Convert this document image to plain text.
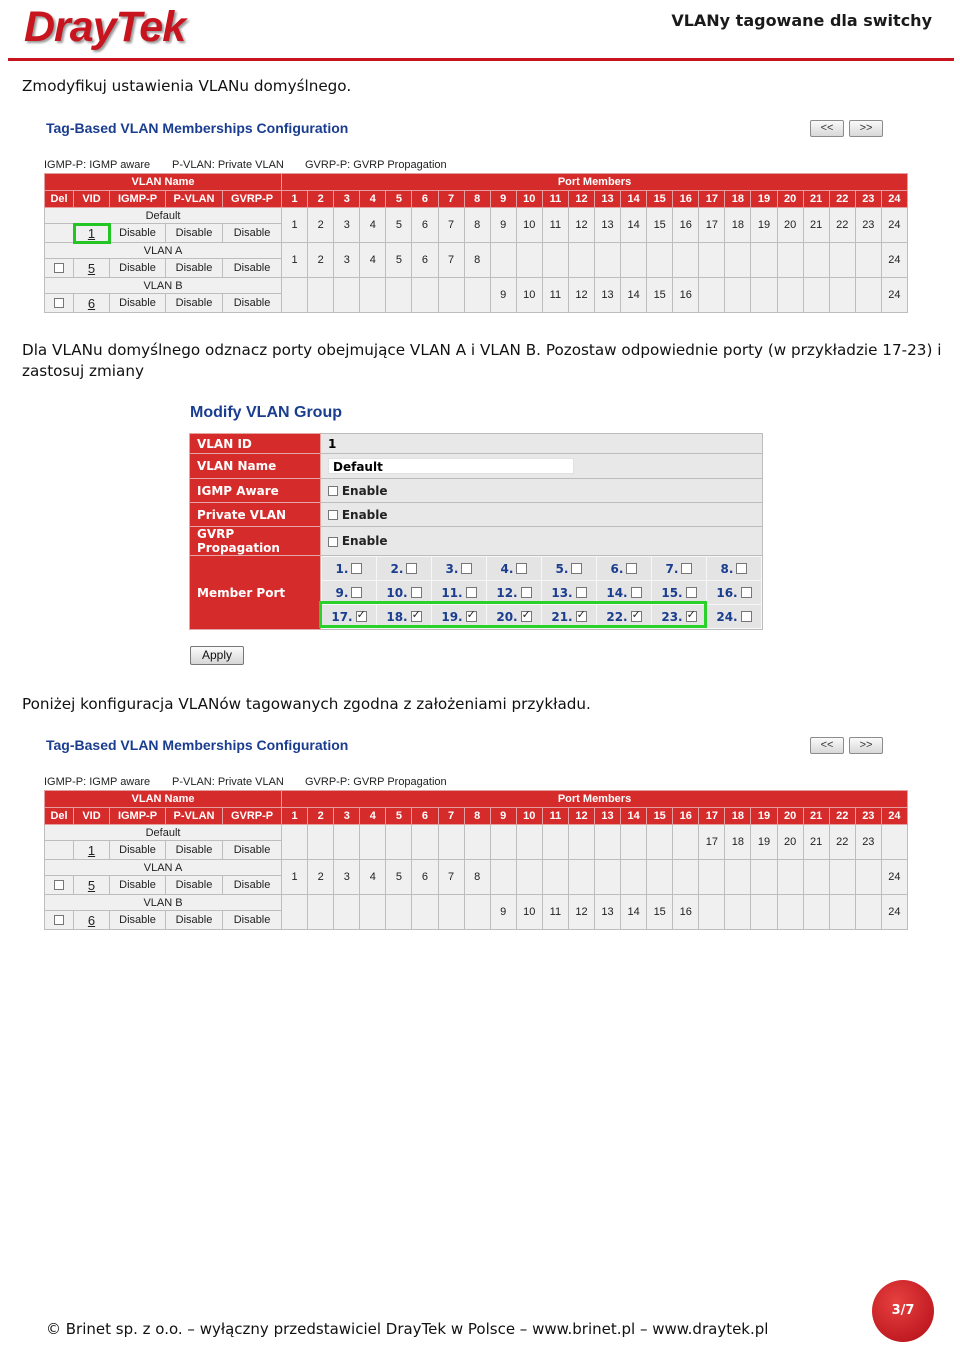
DrayTek	VLANy tagowane dla switchy
Zmodyfikuj ustawienia VLANu domyślnego.
Tag-Based VLAN Memberships Configuration	<<	>>
IGMP-P: IGMP aware P-VLAN: Private VLAN GVRP-P: GVRP Propagation
VLAN Name					Port Members																							
Del	VID	IGMP-P	P-VLAN	GVRP-P	1	2	3	4	5	6	7	8	9	10	11	12	13	14	15	16	17	18	19	20	21	22	23	24
Default					1	2	3	4	5	6	7	8	9	10	11	12	13	14	15	16	17	18	19	20	21	22	23	24
	1	Disable	Disable	Disable																								
VLAN A					1	2	3	4	5	6	7	8																24
	5	Disable	Disable	Disable																								
VLAN B													9	10	11	12	13	14	15	16								24
	6	Disable	Disable	Disable																								
Dla VLANu domyślnego odznacz porty obejmujące VLAN A i VLAN B. Pozostaw odpowiednie porty (w przykładzie 17-23) i zastosuj zmiany
Modify VLAN Group
VLAN ID	1
VLAN Name	Default
IGMP Aware	Enable
Private VLAN	Enable
GVRP Propagation	Enable
Member Port	
1.	2.	3.	4.	5.	6.	7.	8.
9.	10.	11.	12.	13.	14.	15.	16.
17.✓	18.✓	19.✓	20.✓	21.✓	22.✓	23.✓	24.
Apply
Poniżej konfiguracja VLANów tagowanych zgodna z założeniami przykładu.
Tag-Based VLAN Memberships Configuration	<<	>>
IGMP-P: IGMP aware P-VLAN: Private VLAN GVRP-P: GVRP Propagation
VLAN Name					Port Members																							
Del	VID	IGMP-P	P-VLAN	GVRP-P	1	2	3	4	5	6	7	8	9	10	11	12	13	14	15	16	17	18	19	20	21	22	23	24
Default																					17	18	19	20	21	22	23	
	1	Disable	Disable	Disable																								
VLAN A					1	2	3	4	5	6	7	8																24
	5	Disable	Disable	Disable																								
VLAN B													9	10	11	12	13	14	15	16								24
	6	Disable	Disable	Disable																								
© Brinet sp. z o.o. – wyłączny przedstawiciel DrayTek w Polsce – www.brinet.pl – www.draytek.pl
3/7
